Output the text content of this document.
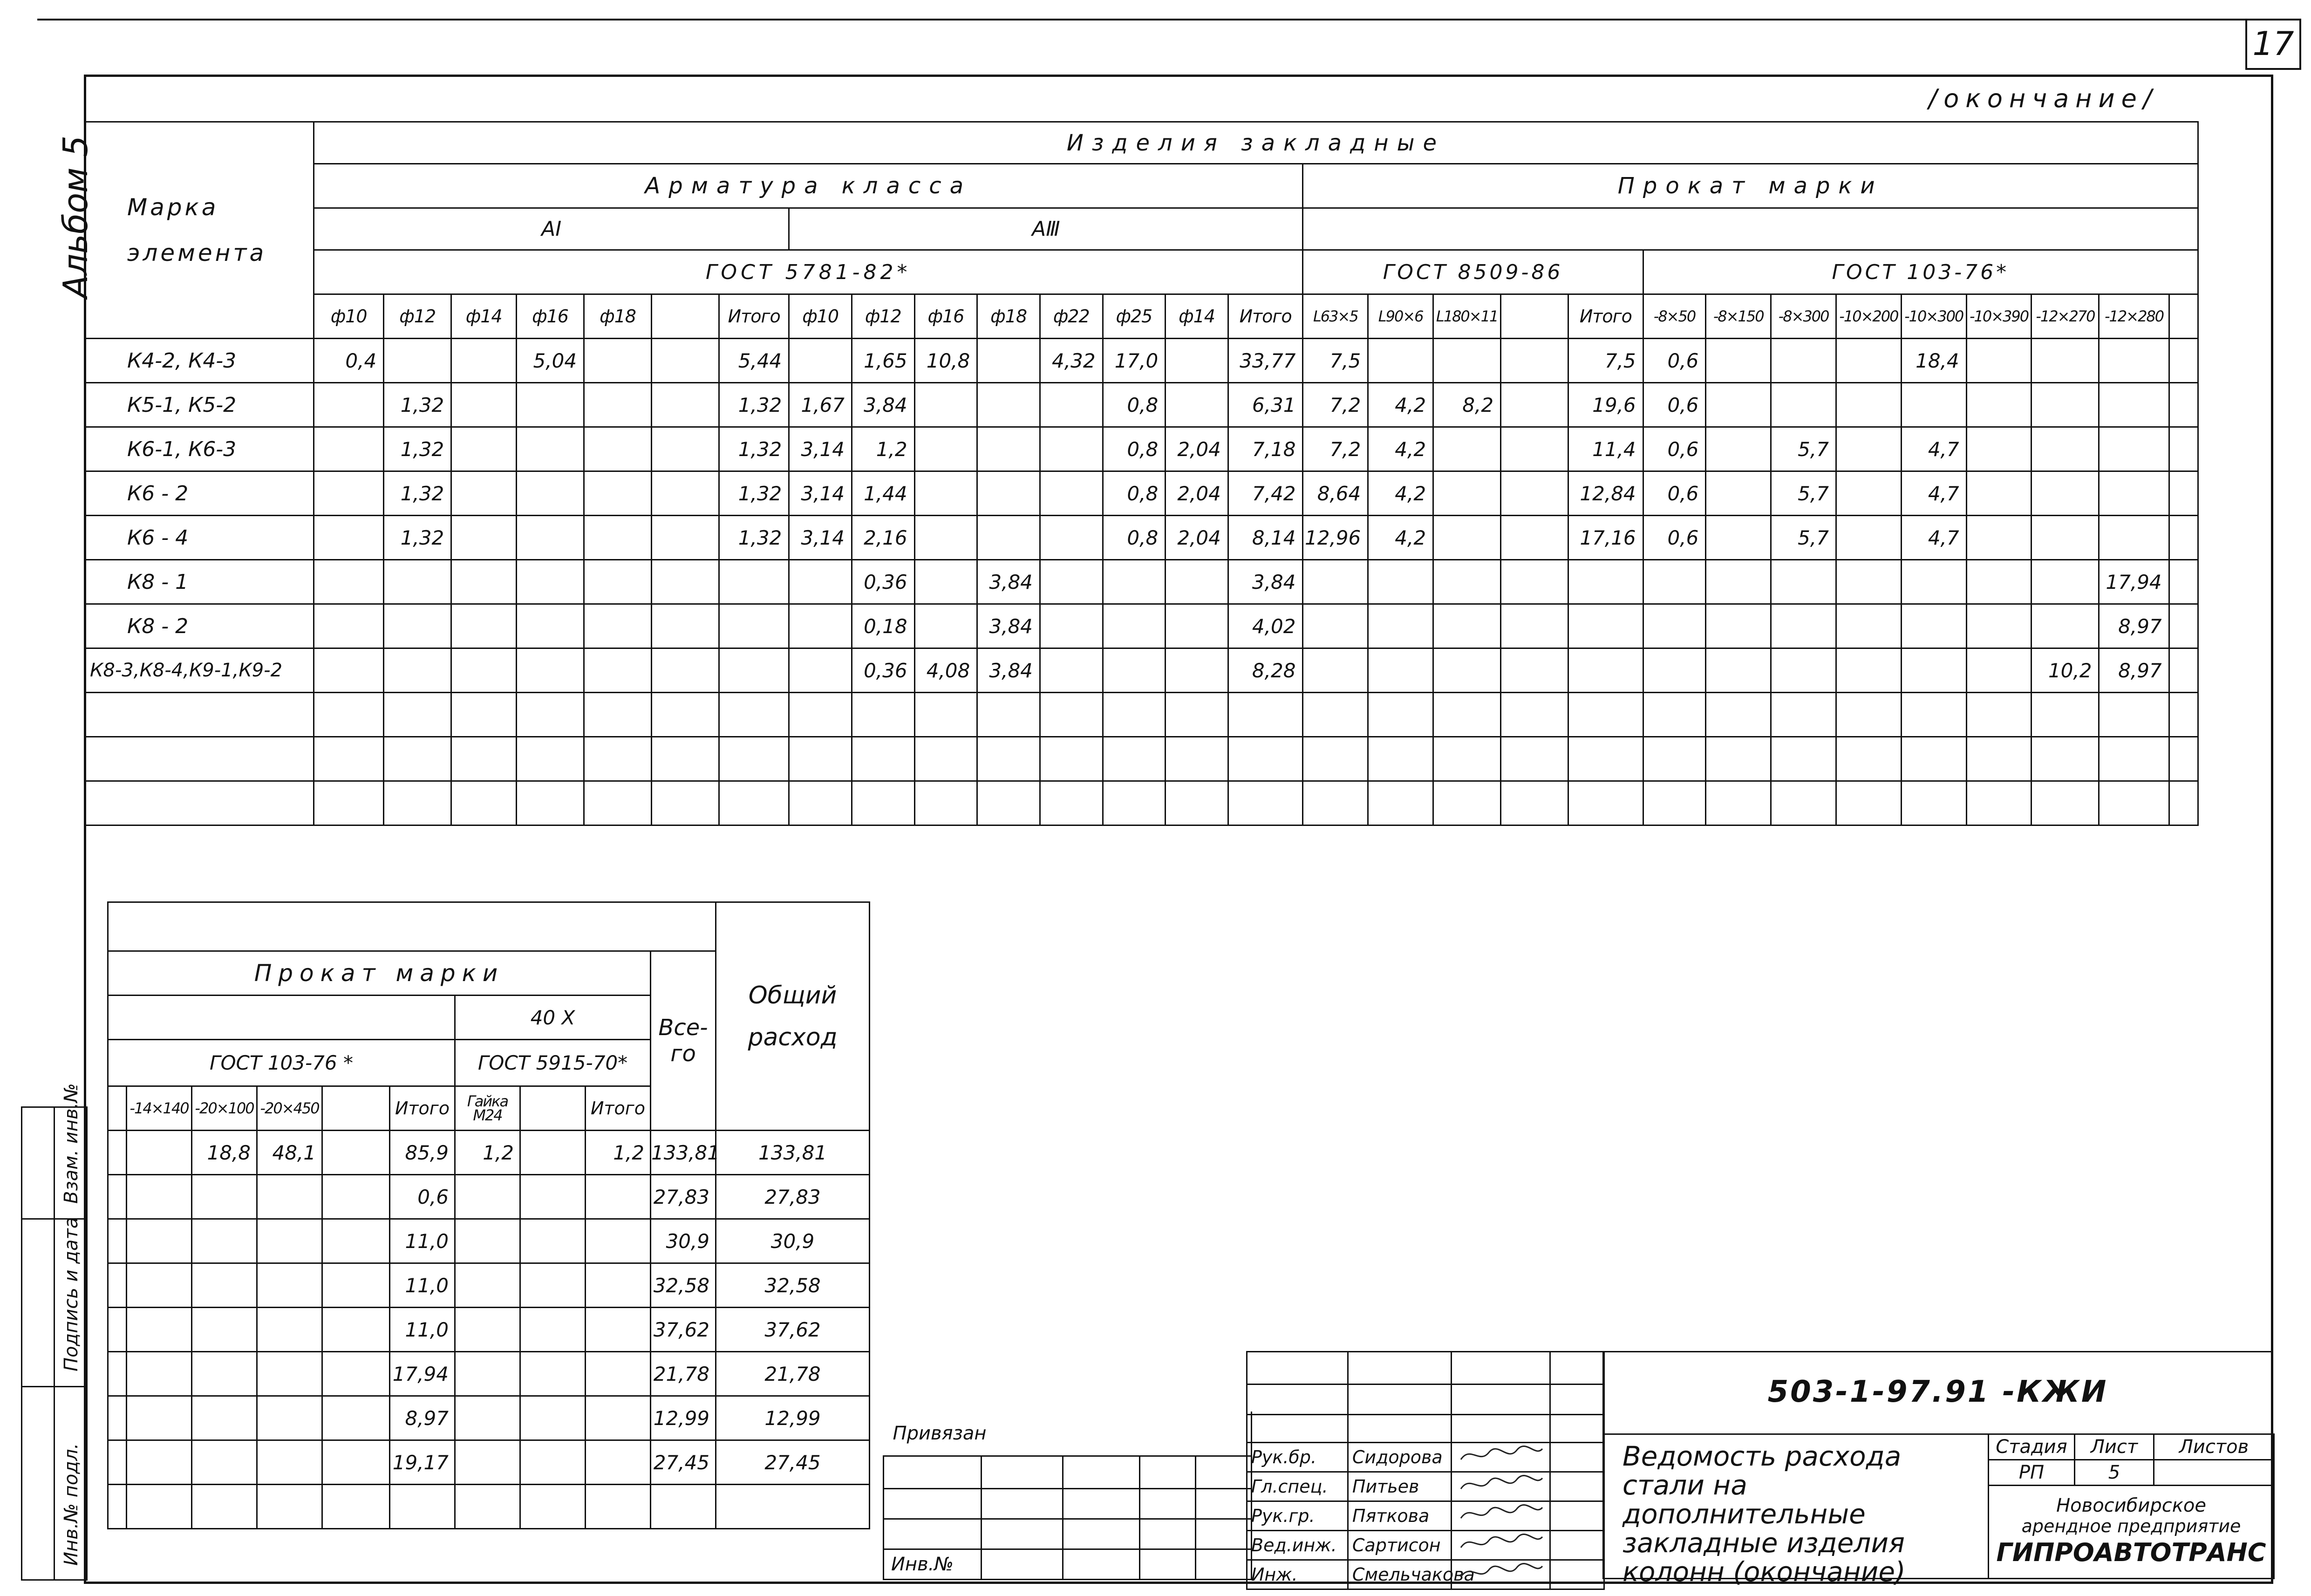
17
Альбом 5
/окончание/
Марка
элемента	Изделия закладные																												
	Арматура класса															Прокат марки													
	AI							AⅢ																					
	ГОСТ 5781-82*															ГОСТ 8509-86					ГОСТ 103-76*								
	ф10	ф12	ф14	ф16	ф18		Итого	ф10	ф12	ф16	ф18	ф22	ф25	ф14	Итого	L63×5	L90×6	L180×11		Итого	-8×50	-8×150	-8×300	-10×200	-10×300	-10×390	-12×270	-12×280	
К4-2, К4-3	0,4			5,04			5,44		1,65	10,8		4,32	17,0		33,77	7,5				7,5	0,6				18,4				
К5-1, К5-2		1,32					1,32	1,67	3,84				0,8		6,31	7,2	4,2	8,2		19,6	0,6								
К6-1, К6-3		1,32					1,32	3,14	1,2				0,8	2,04	7,18	7,2	4,2			11,4	0,6		5,7		4,7				
К6 - 2		1,32					1,32	3,14	1,44				0,8	2,04	7,42	8,64	4,2			12,84	0,6		5,7		4,7				
К6 - 4		1,32					1,32	3,14	2,16				0,8	2,04	8,14	12,96	4,2			17,16	0,6		5,7		4,7				
К8 - 1									0,36		3,84				3,84													17,94	
К8 - 2									0,18		3,84				4,02													8,97	
К8-3,К8-4,К9-1,К9-2									0,36	4,08	3,84				8,28												10,2	8,97	

										Общий
расход

Прокат марки									Все-
го	

						40 Х				
ГОСТ 103-76 *						ГОСТ 5915-70*				
	-14×140	-20×100	-20×450		Итого	Гайка М24		Итого		
		18,8	48,1		85,9	1,2		1,2	133,81	133,81
					0,6				27,83	27,83
					11,0				30,9	30,9
					11,0				32,58	32,58
					11,0				37,62	37,62
					17,94				21,78	21,78
					8,97				12,99	12,99
					19,17				27,45	27,45

	Взам. инв.№

	Подпись и дата

	Инв.№ подл.
Привязан				

Инв.№				

Рук.бр.	Сидорова		
Гл.спец.	Питьев		
Рук.гр.	Пяткова		
Вед.инж.	Сартисон		
Инж.	Смельчакова		
503-1-97.91 -КЖИ
Ведомость расхода
стали на дополнительные
закладные изделия
колонн (окончание)
Стадия	Лист	Листов
РП	5	

Новосибирское
арендное предприятие
ГИПРОАВТОТРАНС		
